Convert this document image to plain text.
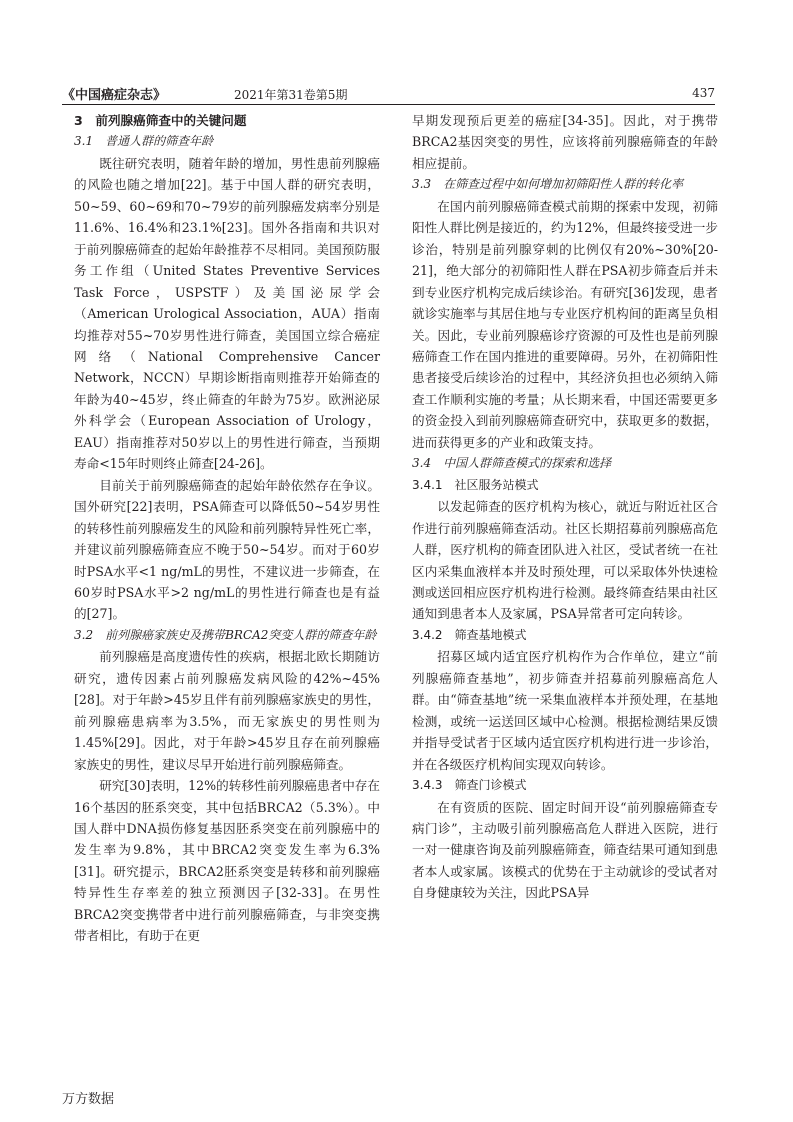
《中国癌症杂志》	2021年第31卷第5期	437
3　前列腺癌筛查中的关键问题
3.1　普通人群的筛查年龄

既往研究表明，随着年龄的增加，男性患前列腺癌的风险也随之增加[22]。基于中国人群的研究表明，50~59、60~69和70~79岁的前列腺癌发病率分别是11.6%、16.4%和23.1%[23]。国外各指南和共识对于前列腺癌筛查的起始年龄推荐不尽相同。美国预防服务工作组（United States Preventive Services Task Force，USPSTF）及美国泌尿学会（American Urological Association，AUA）指南均推荐对55~70岁男性进行筛查，美国国立综合癌症网络（National Comprehensive Cancer Network，NCCN）早期诊断指南则推荐开始筛查的年龄为40~45岁，终止筛查的年龄为75岁。欧洲泌尿外科学会（European Association of Urology，EAU）指南推荐对50岁以上的男性进行筛查，当预期寿命<15年时则终止筛查[24-26]。

目前关于前列腺癌筛查的起始年龄依然存在争议。国外研究[22]表明，PSA筛查可以降低50~54岁男性的转移性前列腺癌发生的风险和前列腺特异性死亡率，并建议前列腺癌筛查应不晚于50~54岁。而对于60岁时PSA水平<1 ng/mL的男性，不建议进一步筛查，在60岁时PSA水平>2 ng/mL的男性进行筛查也是有益的[27]。

3.2　前列腺癌家族史及携带BRCA2突变人群的筛查年龄

前列腺癌是高度遗传性的疾病，根据北欧长期随访研究，遗传因素占前列腺癌发病风险的42%~45%[28]。对于年龄>45岁且伴有前列腺癌家族史的男性，前列腺癌患病率为3.5%，而无家族史的男性则为1.45%[29]。因此，对于年龄>45岁且存在前列腺癌家族史的男性，建议尽早开始进行前列腺癌筛查。

研究[30]表明，12%的转移性前列腺癌患者中存在16个基因的胚系突变，其中包括BRCA2（5.3%）。中国人群中DNA损伤修复基因胚系突变在前列腺癌中的发生率为9.8%，其中BRCA2突变发生率为6.3%[31]。研究提示，BRCA2胚系突变是转移和前列腺癌特异性生存率差的独立预测因子[32-33]。在男性BRCA2突变携带者中进行前列腺癌筛查，与非突变携带者相比，有助于在更

早期发现预后更差的癌症[34-35]。因此，对于携带BRCA2基因突变的男性，应该将前列腺癌筛查的年龄相应提前。

3.3　在筛查过程中如何增加初筛阳性人群的转化率

在国内前列腺癌筛查模式前期的探索中发现，初筛阳性人群比例是接近的，约为12%，但最终接受进一步诊治，特别是前列腺穿刺的比例仅有20%~30%[20-21]，绝大部分的初筛阳性人群在PSA初步筛查后并未到专业医疗机构完成后续诊治。有研究[36]发现，患者就诊实施率与其居住地与专业医疗机构间的距离呈负相关。因此，专业前列腺癌诊疗资源的可及性也是前列腺癌筛查工作在国内推进的重要障碍。另外，在初筛阳性患者接受后续诊治的过程中，其经济负担也必须纳入筛查工作顺利实施的考量；从长期来看，中国还需要更多的资金投入到前列腺癌筛查研究中，获取更多的数据，进而获得更多的产业和政策支持。

3.4　中国人群筛查模式的探索和选择
3.4.1　社区服务站模式

以发起筛查的医疗机构为核心，就近与附近社区合作进行前列腺癌筛查活动。社区长期招募前列腺癌高危人群，医疗机构的筛查团队进入社区，受试者统一在社区内采集血液样本并及时预处理，可以采取体外快速检测或送回相应医疗机构进行检测。最终筛查结果由社区通知到患者本人及家属，PSA异常者可定向转诊。

3.4.2　筛查基地模式

招募区域内适宜医疗机构作为合作单位，建立“前列腺癌筛查基地”，初步筛查并招募前列腺癌高危人群。由“筛查基地”统一采集血液样本并预处理，在基地检测，或统一运送回区域中心检测。根据检测结果反馈并指导受试者于区域内适宜医疗机构进行进一步诊治，并在各级医疗机构间实现双向转诊。

3.4.3　筛查门诊模式

在有资质的医院、固定时间开设“前列腺癌筛查专病门诊”，主动吸引前列腺癌高危人群进入医院，进行一对一健康咨询及前列腺癌筛查，筛查结果可通知到患者本人或家属。该模式的优势在于主动就诊的受试者对自身健康较为关注，因此PSA异

万方数据
